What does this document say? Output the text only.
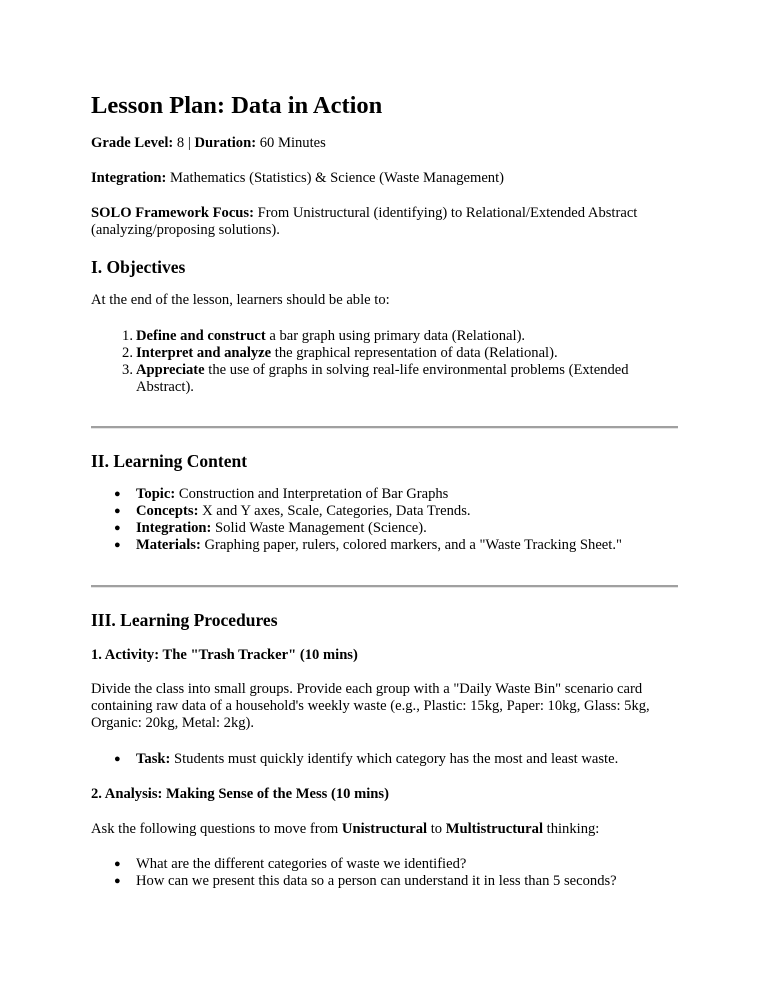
Lesson Plan: Data in Action

Grade Level: 8 | Duration: 60 Minutes

Integration: Mathematics (Statistics) & Science (Waste Management)

SOLO Framework Focus: From Unistructural (identifying) to Relational/Extended Abstract (analyzing/proposing solutions).

I. Objectives

At the end of the lesson, learners should be able to:

1. Define and construct a bar graph using primary data (Relational).
2. Interpret and analyze the graphical representation of data (Relational).
3. Appreciate the use of graphs in solving real-life environmental problems (Extended Abstract).
II. Learning Content
● Topic: Construction and Interpretation of Bar Graphs
● Concepts: X and Y axes, Scale, Categories, Data Trends.
● Integration: Solid Waste Management (Science).
● Materials: Graphing paper, rulers, colored markers, and a "Waste Tracking Sheet."
III. Learning Procedures
1. Activity: The "Trash Tracker" (10 mins)

Divide the class into small groups. Provide each group with a "Daily Waste Bin" scenario card containing raw data of a household's weekly waste (e.g., Plastic: 15kg, Paper: 10kg, Glass: 5kg, Organic: 20kg, Metal: 2kg).

● Task: Students must quickly identify which category has the most and least waste.
2. Analysis: Making Sense of the Mess (10 mins)

Ask the following questions to move from Unistructural to Multistructural thinking:

● What are the different categories of waste we identified?
● How can we present this data so a person can understand it in less than 5 seconds?
